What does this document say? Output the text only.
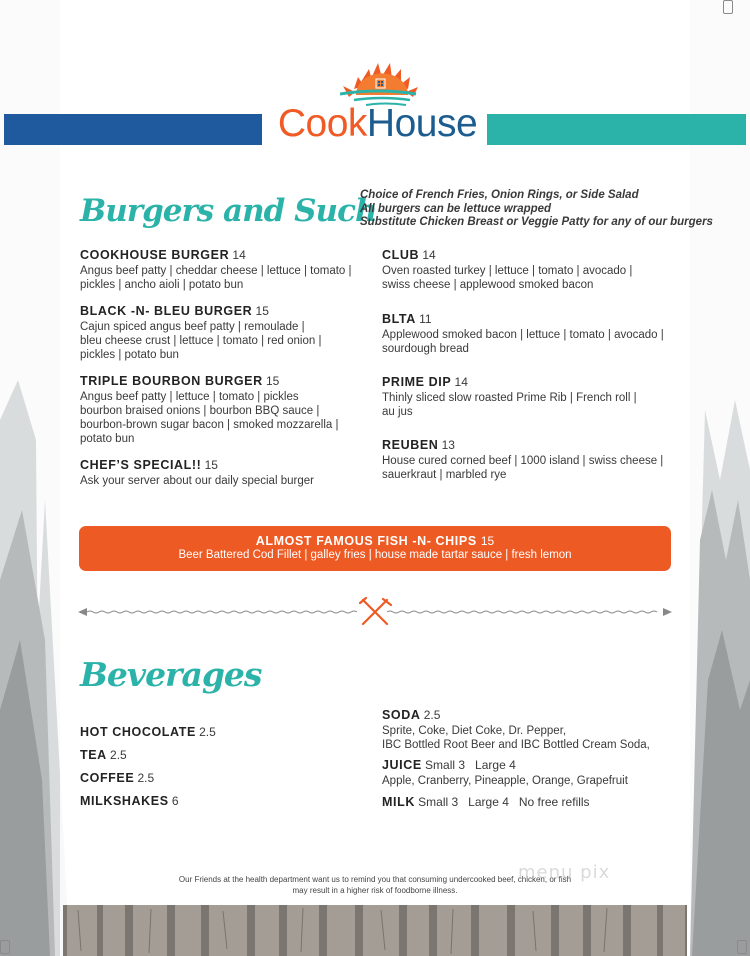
CookHouse
Burgers and Such
Choice of French Fries, Onion Rings, or Side Salad
All burgers can be lettuce wrapped
Substitute Chicken Breast or Veggie Patty for any of our burgers
COOKHOUSE BURGER 14
Angus beef patty | cheddar cheese | lettuce | tomato |
pickles | ancho aioli | potato bun
BLACK -N- BLEU BURGER 15
Cajun spiced angus beef patty | remoulade |
bleu cheese crust | lettuce | tomato | red onion |
pickles | potato bun
TRIPLE BOURBON BURGER 15
Angus beef patty | lettuce | tomato | pickles
bourbon braised onions | bourbon BBQ sauce |
bourbon-brown sugar bacon | smoked mozzarella |
potato bun
CHEF’S SPECIAL!! 15
Ask your server about our daily special burger
CLUB 14
Oven roasted turkey | lettuce | tomato | avocado |
swiss cheese | applewood smoked bacon
BLTA 11
Applewood smoked bacon | lettuce | tomato | avocado |
sourdough bread
PRIME DIP 14
Thinly sliced slow roasted Prime Rib | French roll |
au jus
REUBEN 13
House cured corned beef | 1000 island | swiss cheese |
sauerkraut | marbled rye
ALMOST FAMOUS FISH -N- CHIPS 15
Beer Battered Cod Fillet | galley fries | house made tartar sauce | fresh lemon
Beverages
HOT CHOCOLATE 2.5
TEA 2.5
COFFEE 2.5
MILKSHAKES 6
SODA 2.5
Sprite, Coke, Diet Coke, Dr. Pepper,
IBC Bottled Root Beer and IBC Bottled Cream Soda,
JUICE Small 3   Large 4
Apple, Cranberry, Pineapple, Orange, Grapefruit
MILK Small 3   Large 4   No free refills
Our Friends at the health department want us to remind you that consuming undercooked beef, chicken, or fish
may result in a higher risk of foodborne illness.
menu pix
